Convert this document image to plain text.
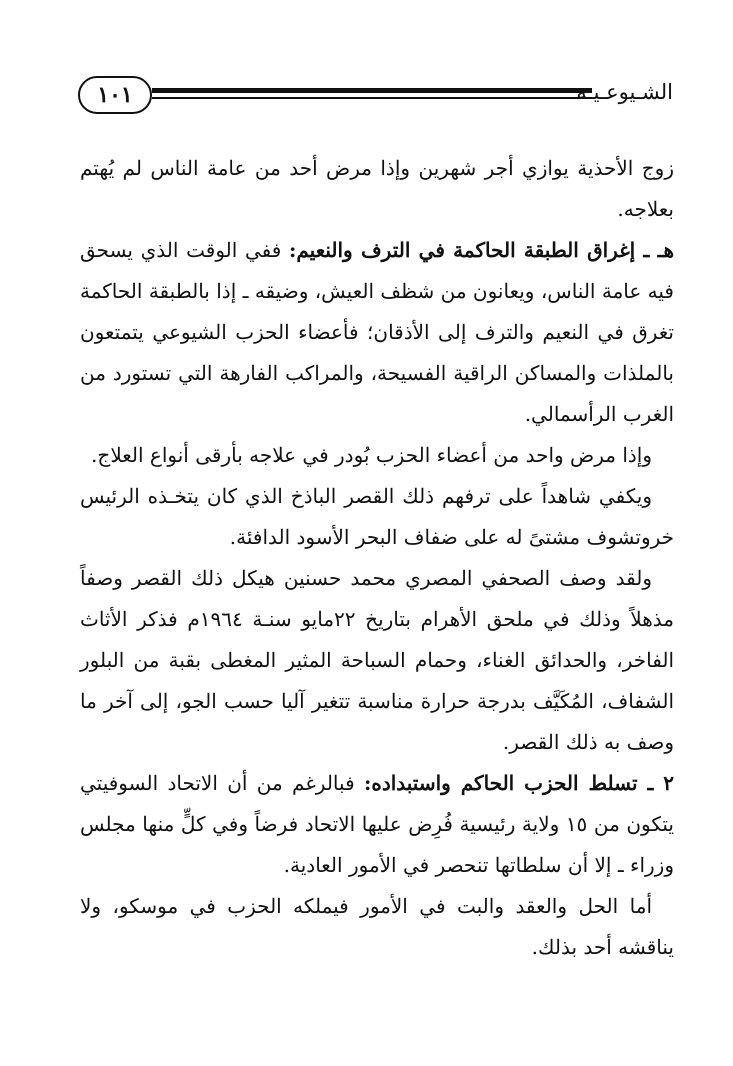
١٠١	الشـيوعـيـة

زوج الأحذية يوازي أجر شهرين وإذا مرض أحد من عامة الناس لم يُهتم بعلاجه.

هـ ـ إغراق الطبقة الحاكمة في الترف والنعيم: ففي الوقت الذي يسحق فيه عامة الناس، ويعانون من شظف العيش، وضيقه ـ إذا بالطبقة الحاكمة تغرق في النعيم والترف إلى الأذقان؛ فأعضاء الحزب الشيوعي يتمتعون بالملذات والمساكن الراقية الفسيحة، والمراكب الفارهة التي تستورد من الغرب الرأسمالي.

وإذا مرض واحد من أعضاء الحزب بُودر في علاجه بأرقى أنواع العلاج.

ويكفي شاهداً على ترفهم ذلك القصر الباذخ الذي كان يتخـذه الرئيس خروتشوف مشتىً له على ضفاف البحر الأسود الدافئة.

ولقد وصف الصحفي المصري محمد حسنين هيكل ذلك القصر وصفاً مذهلاً وذلك في ملحق الأهرام بتاريخ ٢٢مايو سنـة ١٩٦٤م فذكر الأثاث الفاخر، والحدائق الغناء، وحمام السباحة المثير المغطى بقبة من البلور الشفاف، المُكَيَّف بدرجة حرارة مناسبة تتغير آليا حسب الجو، إلى آخر ما وصف به ذلك القصر.

٢ ـ تسلط الحزب الحاكم واستبداده: فبالرغم من أن الاتحاد السوفيتي يتكون من ١٥ ولاية رئيسية فُرِض عليها الاتحاد فرضاً وفي كلٍّ منها مجلس وزراء ـ إلا أن سلطاتها تنحصر في الأمور العادية.

أما الحل والعقد والبت في الأمور فيملكه الحزب في موسكو، ولا يناقشه أحد بذلك.
